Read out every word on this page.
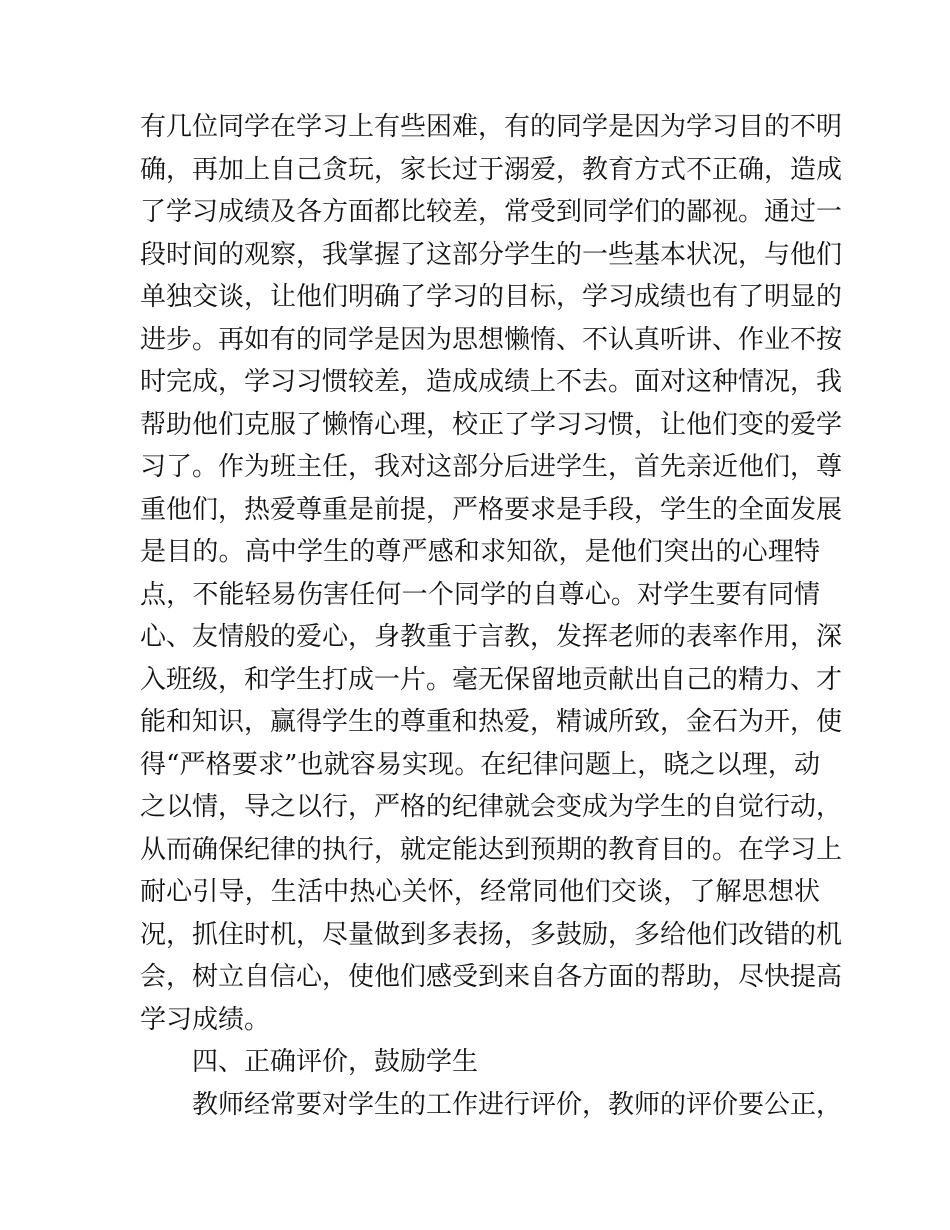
有几位同学在学习上有些困难，有的同学是因为学习目的不明
确，再加上自己贪玩，家长过于溺爱，教育方式不正确，造成
了学习成绩及各方面都比较差，常受到同学们的鄙视。通过一
段时间的观察，我掌握了这部分学生的一些基本状况，与他们
单独交谈，让他们明确了学习的目标，学习成绩也有了明显的
进步。再如有的同学是因为思想懒惰、不认真听讲、作业不按
时完成，学习习惯较差，造成成绩上不去。面对这种情况，我
帮助他们克服了懒惰心理，校正了学习习惯，让他们变的爱学
习了。作为班主任，我对这部分后进学生，首先亲近他们，尊
重他们，热爱尊重是前提，严格要求是手段，学生的全面发展
是目的。高中学生的尊严感和求知欲，是他们突出的心理特
点，不能轻易伤害任何一个同学的自尊心。对学生要有同情
心、友情般的爱心，身教重于言教，发挥老师的表率作用，深
入班级，和学生打成一片。毫无保留地贡献出自己的精力、才
能和知识，赢得学生的尊重和热爱，精诚所致，金石为开，使
得“严格要求”也就容易实现。在纪律问题上，晓之以理，动
之以情，导之以行，严格的纪律就会变成为学生的自觉行动，
从而确保纪律的执行，就定能达到预期的教育目的。在学习上
耐心引导，生活中热心关怀，经常同他们交谈，了解思想状
况，抓住时机，尽量做到多表扬，多鼓励，多给他们改错的机
会，树立自信心，使他们感受到来自各方面的帮助，尽快提高
学习成绩。
四、正确评价，鼓励学生
教师经常要对学生的工作进行评价，教师的评价要公正，
